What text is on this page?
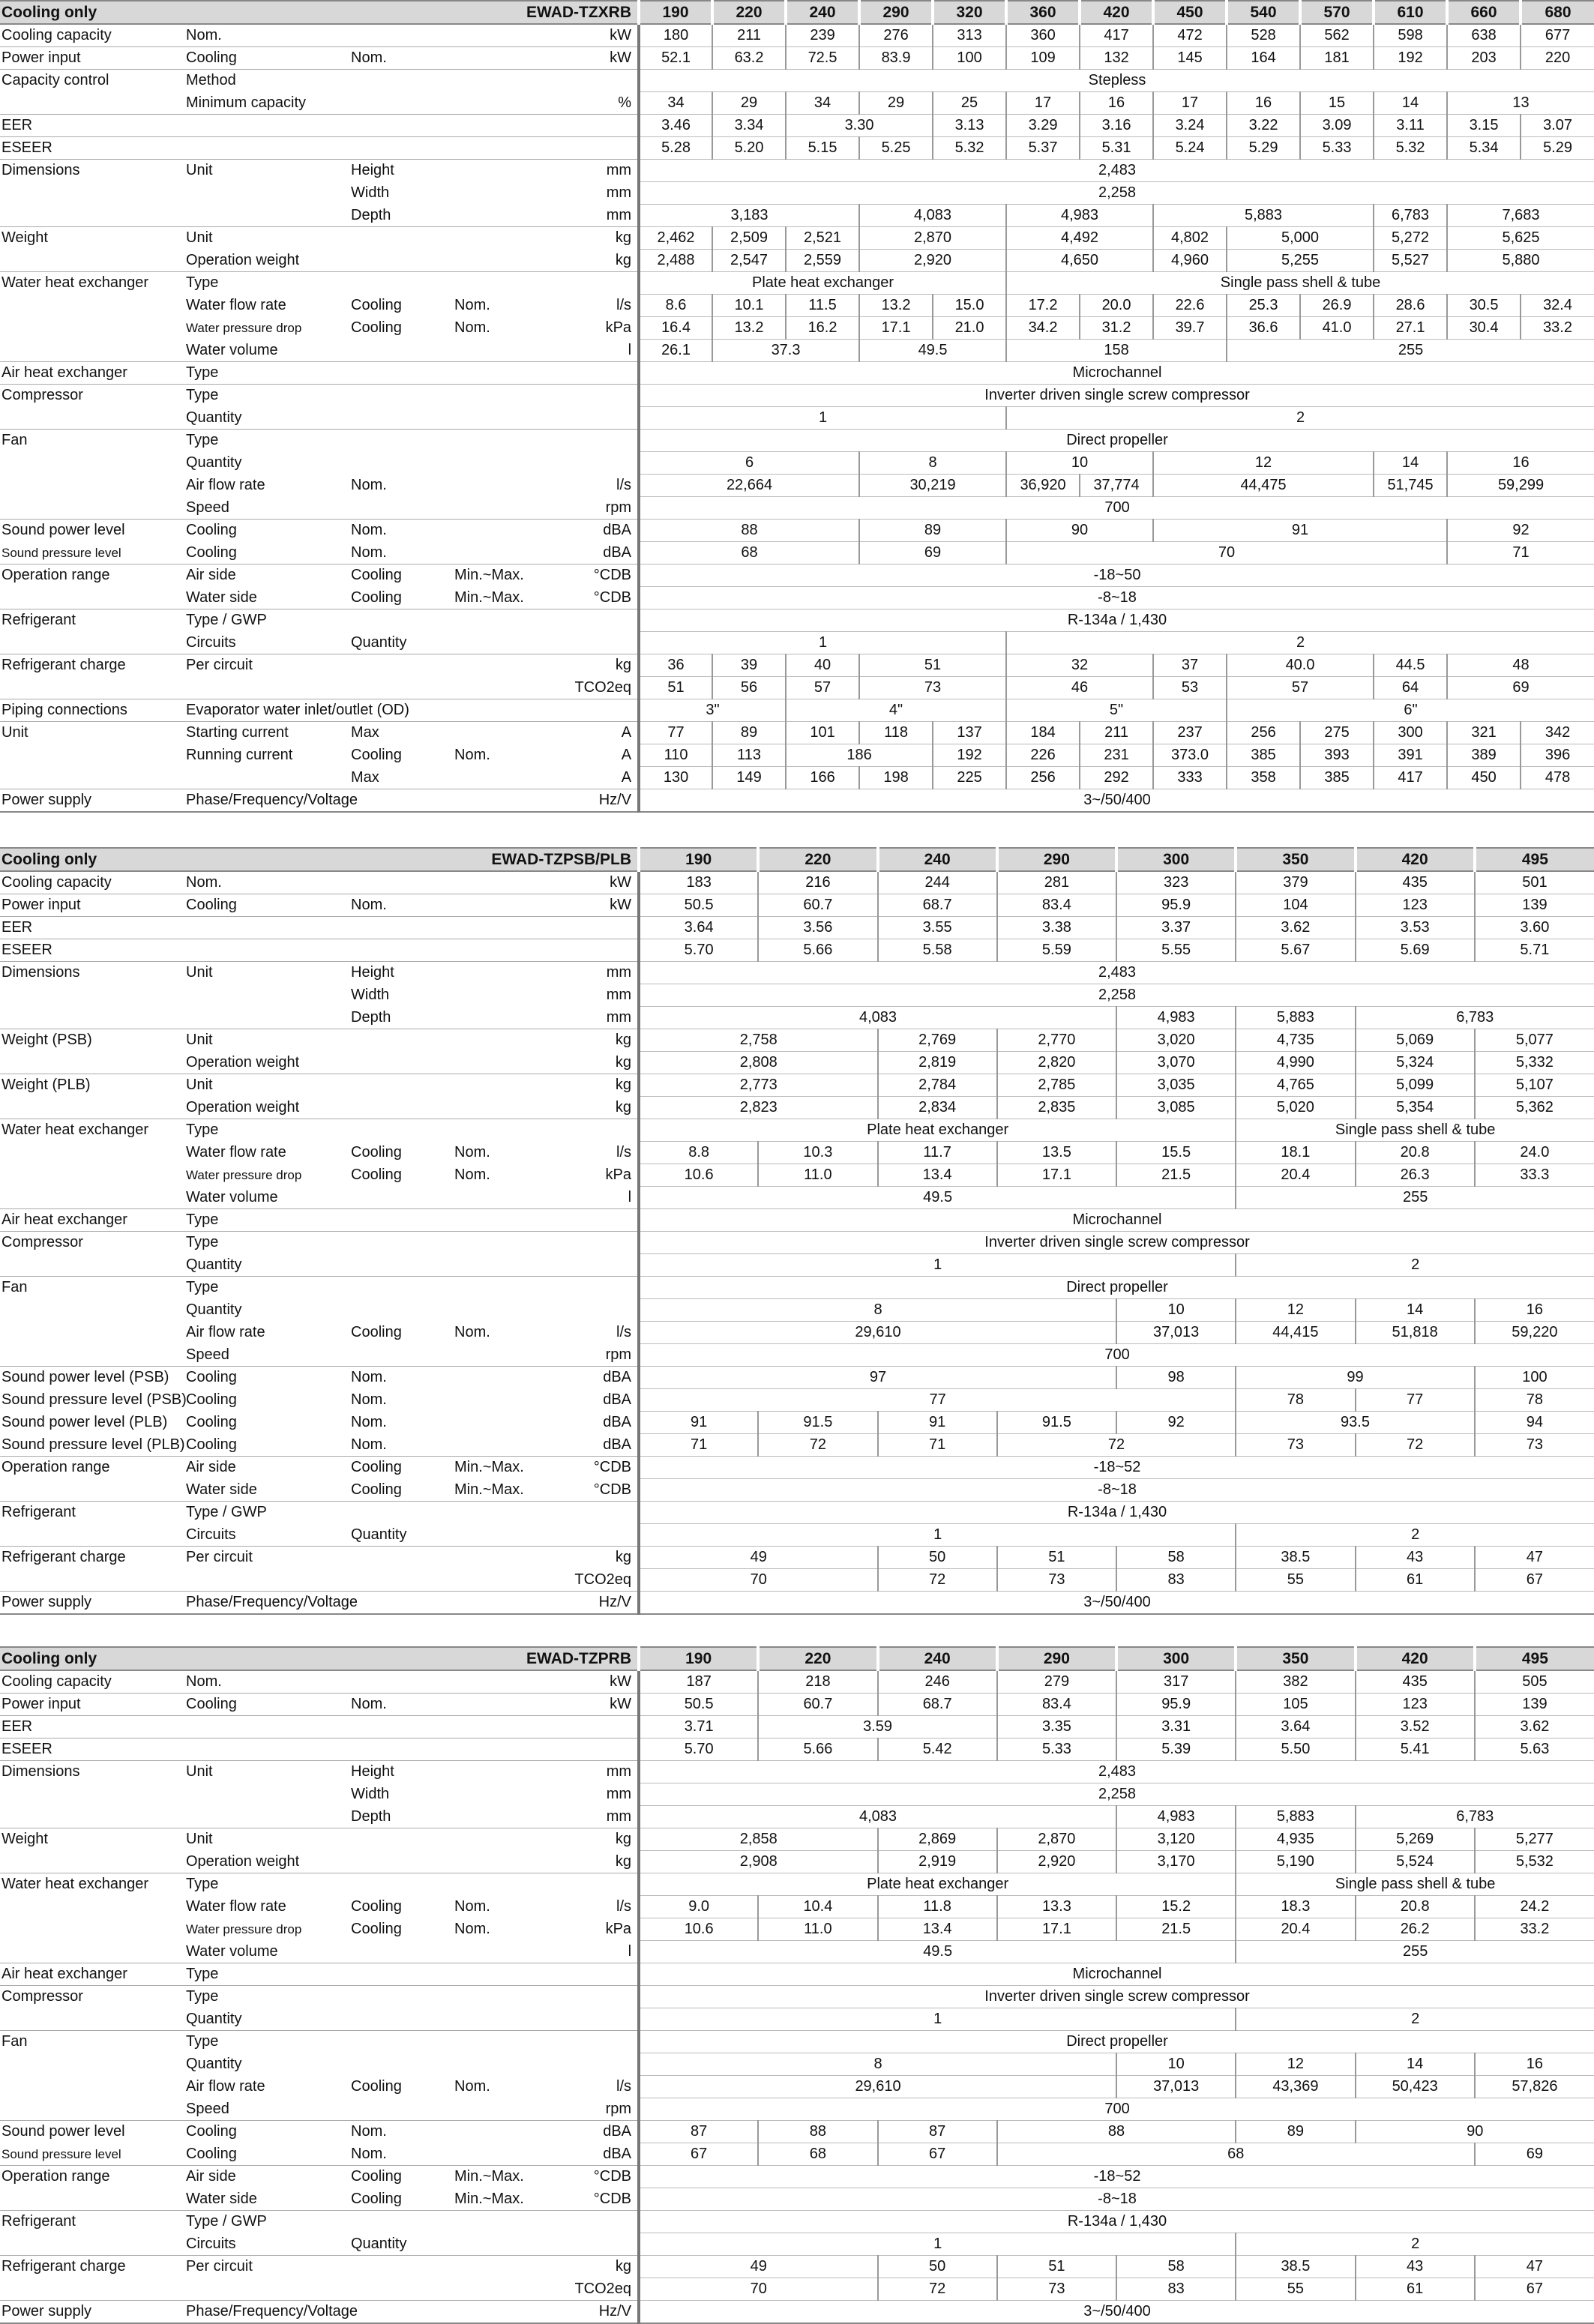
Cooling only		EWAD-TZXRB			190	220	240	290	320	360	420	450	540	570	610	660	680
Cooling capacity	Nom.			kW	180	211	239	276	313	360	417	472	528	562	598	638	677
Power input	Cooling	Nom.		kW	52.1	63.2	72.5	83.9	100	109	132	145	164	181	192	203	220
Capacity control	Method				Stepless												
	Minimum capacity			%	34	29	34	29	25	17	16	17	16	15	14	13	
EER					3.46	3.34	3.30		3.13	3.29	3.16	3.24	3.22	3.09	3.11	3.15	3.07
ESEER					5.28	5.20	5.15	5.25	5.32	5.37	5.31	5.24	5.29	5.33	5.32	5.34	5.29
Dimensions	Unit	Height		mm	2,483												
		Width		mm	2,258												
		Depth		mm	3,183			4,083		4,983		5,883			6,783	7,683	
Weight	Unit			kg	2,462	2,509	2,521	2,870		4,492		4,802	5,000		5,272	5,625	
	Operation weight			kg	2,488	2,547	2,559	2,920		4,650		4,960	5,255		5,527	5,880	
Water heat exchanger	Type				Plate heat exchanger					Single pass shell & tube							
	Water flow rate	Cooling	Nom.	l/s	8.6	10.1	11.5	13.2	15.0	17.2	20.0	22.6	25.3	26.9	28.6	30.5	32.4
	Water pressure drop	Cooling	Nom.	kPa	16.4	13.2	16.2	17.1	21.0	34.2	31.2	39.7	36.6	41.0	27.1	30.4	33.2
	Water volume			l	26.1	37.3		49.5		158			255				
Air heat exchanger	Type				Microchannel												
Compressor	Type				Inverter driven single screw compressor												
	Quantity				1					2							
Fan	Type				Direct propeller												
	Quantity				6			8		10		12			14	16	
	Air flow rate	Nom.		l/s	22,664			30,219		36,920	37,774	44,475			51,745	59,299	
	Speed			rpm	700												
Sound power level	Cooling	Nom.		dBA	88			89		90		91				92	
Sound pressure level	Cooling	Nom.		dBA	68			69		70						71	
Operation range	Air side	Cooling	Min.~Max.	°CDB	-18~50												
	Water side	Cooling	Min.~Max.	°CDB	-8~18												
Refrigerant	Type / GWP				R-134a / 1,430												
	Circuits	Quantity			1					2							
Refrigerant charge	Per circuit			kg	36	39	40	51		32		37	40.0		44.5	48	
				TCO2eq	51	56	57	73		46		53	57		64	69	
Piping connections	Evaporator water inlet/outlet (OD)				3"		4"			5"			6"				
Unit	Starting current	Max		A	77	89	101	118	137	184	211	237	256	275	300	321	342
	Running current	Cooling	Nom.	A	110	113	186		192	226	231	373.0	385	393	391	389	396
		Max		A	130	149	166	198	225	256	292	333	358	385	417	450	478
Power supply	Phase/Frequency/Voltage			Hz/V	3~/50/400												
Cooling only		EWAD-TZPSB/PLB			190	220	240	290	300	350	420	495
Cooling capacity	Nom.			kW	183	216	244	281	323	379	435	501
Power input	Cooling	Nom.		kW	50.5	60.7	68.7	83.4	95.9	104	123	139
EER					3.64	3.56	3.55	3.38	3.37	3.62	3.53	3.60
ESEER					5.70	5.66	5.58	5.59	5.55	5.67	5.69	5.71
Dimensions	Unit	Height		mm	2,483							
		Width		mm	2,258							
		Depth		mm	4,083				4,983	5,883	6,783	
Weight (PSB)	Unit			kg	2,758		2,769	2,770	3,020	4,735	5,069	5,077
	Operation weight			kg	2,808		2,819	2,820	3,070	4,990	5,324	5,332
Weight (PLB)	Unit			kg	2,773		2,784	2,785	3,035	4,765	5,099	5,107
	Operation weight			kg	2,823		2,834	2,835	3,085	5,020	5,354	5,362
Water heat exchanger	Type				Plate heat exchanger					Single pass shell & tube		
	Water flow rate	Cooling	Nom.	l/s	8.8	10.3	11.7	13.5	15.5	18.1	20.8	24.0
	Water pressure drop	Cooling	Nom.	kPa	10.6	11.0	13.4	17.1	21.5	20.4	26.3	33.3
	Water volume			l	49.5					255		
Air heat exchanger	Type				Microchannel							
Compressor	Type				Inverter driven single screw compressor							
	Quantity				1					2		
Fan	Type				Direct propeller							
	Quantity				8				10	12	14	16
	Air flow rate	Cooling	Nom.	l/s	29,610				37,013	44,415	51,818	59,220
	Speed			rpm	700							
Sound power level (PSB)	Cooling	Nom.		dBA	97				98	99		100
Sound pressure level (PSB)	Cooling	Nom.		dBA	77					78	77	78
Sound power level (PLB)	Cooling	Nom.		dBA	91	91.5	91	91.5	92	93.5		94
Sound pressure level (PLB)	Cooling	Nom.		dBA	71	72	71	72		73	72	73
Operation range	Air side	Cooling	Min.~Max.	°CDB	-18~52							
	Water side	Cooling	Min.~Max.	°CDB	-8~18							
Refrigerant	Type / GWP				R-134a / 1,430							
	Circuits	Quantity			1					2		
Refrigerant charge	Per circuit			kg	49		50	51	58	38.5	43	47
				TCO2eq	70		72	73	83	55	61	67
Power supply	Phase/Frequency/Voltage			Hz/V	3~/50/400							
Cooling only		EWAD-TZPRB			190	220	240	290	300	350	420	495
Cooling capacity	Nom.			kW	187	218	246	279	317	382	435	505
Power input	Cooling	Nom.		kW	50.5	60.7	68.7	83.4	95.9	105	123	139
EER					3.71	3.59		3.35	3.31	3.64	3.52	3.62
ESEER					5.70	5.66	5.42	5.33	5.39	5.50	5.41	5.63
Dimensions	Unit	Height		mm	2,483							
		Width		mm	2,258							
		Depth		mm	4,083				4,983	5,883	6,783	
Weight	Unit			kg	2,858		2,869	2,870	3,120	4,935	5,269	5,277
	Operation weight			kg	2,908		2,919	2,920	3,170	5,190	5,524	5,532
Water heat exchanger	Type				Plate heat exchanger					Single pass shell & tube		
	Water flow rate	Cooling	Nom.	l/s	9.0	10.4	11.8	13.3	15.2	18.3	20.8	24.2
	Water pressure drop	Cooling	Nom.	kPa	10.6	11.0	13.4	17.1	21.5	20.4	26.2	33.2
	Water volume			l	49.5					255		
Air heat exchanger	Type				Microchannel							
Compressor	Type				Inverter driven single screw compressor							
	Quantity				1					2		
Fan	Type				Direct propeller							
	Quantity				8				10	12	14	16
	Air flow rate	Cooling	Nom.	l/s	29,610				37,013	43,369	50,423	57,826
	Speed			rpm	700							
Sound power level	Cooling	Nom.		dBA	87	88	87	88		89	90	
Sound pressure level	Cooling	Nom.		dBA	67	68	67	68				69
Operation range	Air side	Cooling	Min.~Max.	°CDB	-18~52							
	Water side	Cooling	Min.~Max.	°CDB	-8~18							
Refrigerant	Type / GWP				R-134a / 1,430							
	Circuits	Quantity			1					2		
Refrigerant charge	Per circuit			kg	49		50	51	58	38.5	43	47
				TCO2eq	70		72	73	83	55	61	67
Power supply	Phase/Frequency/Voltage			Hz/V	3~/50/400							
